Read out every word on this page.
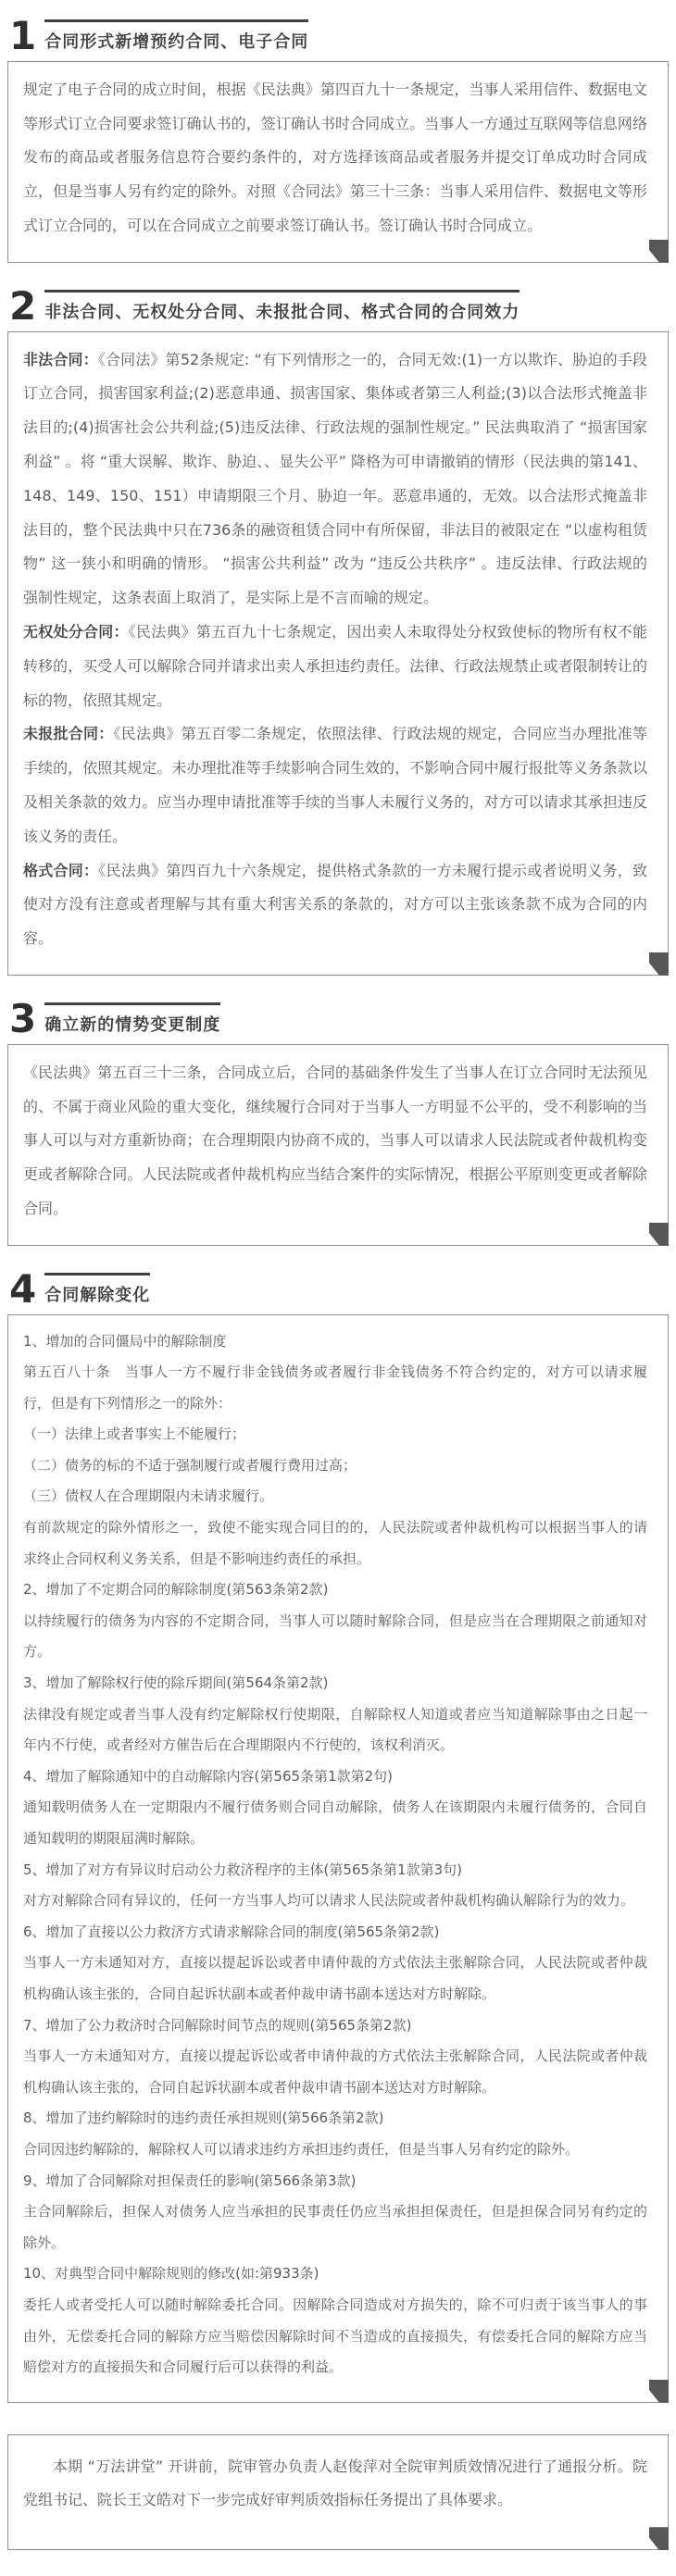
1 合同形式新增预约合同、电子合同

规定了电子合同的成立时间，根据《民法典》第四百九十一条规定，当事人采用信件、数据电文等形式订立合同要求签订确认书的，签订确认书时合同成立。当事人一方通过互联网等信息网络发布的商品或者服务信息符合要约条件的，对方选择该商品或者服务并提交订单成功时合同成立，但是当事人另有约定的除外。对照《合同法》第三十三条：当事人采用信件、数据电文等形式订立合同的，可以在合同成立之前要求签订确认书。签订确认书时合同成立。

2 非法合同、无权处分合同、未报批合同、格式合同的合同效力

非法合同：《合同法》第52条规定: “有下列情形之一的，合同无效:(1)一方以欺诈、胁迫的手段订立合同，损害国家利益;(2)恶意串通、损害国家、集体或者第三人利益;(3)以合法形式掩盖非法目的;(4)损害社会公共利益;(5)违反法律、行政法规的强制性规定。” 民法典取消了 “损害国家利益” 。将 “重大误解、欺诈、胁迫、、显失公平” 降格为可申请撤销的情形（民法典的第141、148、149、150、151）申请期限三个月、胁迫一年。恶意串通的，无效。以合法形式掩盖非法目的，整个民法典中只在736条的融资租赁合同中有所保留，非法目的被限定在 “以虚构租赁物” 这一狭小和明确的情形。 “损害公共利益” 改为 “违反公共秩序” 。违反法律、行政法规的强制性规定，这条表面上取消了，是实际上是不言而喻的规定。

无权处分合同：《民法典》第五百九十七条规定，因出卖人未取得处分权致使标的物所有权不能转移的，买受人可以解除合同并请求出卖人承担违约责任。法律、行政法规禁止或者限制转让的标的物，依照其规定。

未报批合同：《民法典》第五百零二条规定，依照法律、行政法规的规定，合同应当办理批准等手续的，依照其规定。未办理批准等手续影响合同生效的，不影响合同中履行报批等义务条款以及相关条款的效力。应当办理申请批准等手续的当事人未履行义务的，对方可以请求其承担违反该义务的责任。

格式合同：《民法典》第四百九十六条规定，提供格式条款的一方未履行提示或者说明义务，致使对方没有注意或者理解与其有重大利害关系的条款的，对方可以主张该条款不成为合同的内容。

3 确立新的情势变更制度

《民法典》第五百三十三条，合同成立后，合同的基础条件发生了当事人在订立合同时无法预见的、不属于商业风险的重大变化，继续履行合同对于当事人一方明显不公平的，受不利影响的当事人可以与对方重新协商；在合理期限内协商不成的，当事人可以请求人民法院或者仲裁机构变更或者解除合同。人民法院或者仲裁机构应当结合案件的实际情况，根据公平原则变更或者解除合同。

4 合同解除变化

1、增加的合同僵局中的解除制度

第五百八十条　当事人一方不履行非金钱债务或者履行非金钱债务不符合约定的，对方可以请求履行，但是有下列情形之一的除外：

（一）法律上或者事实上不能履行；

（二）债务的标的不适于强制履行或者履行费用过高；

（三）债权人在合理期限内未请求履行。

有前款规定的除外情形之一，致使不能实现合同目的的，人民法院或者仲裁机构可以根据当事人的请求终止合同权利义务关系，但是不影响违约责任的承担。

2、增加了不定期合同的解除制度(第563条第2款)

以持续履行的债务为内容的不定期合同，当事人可以随时解除合同，但是应当在合理期限之前通知对方。

3、增加了解除权行使的除斥期间(第564条第2款)

法律没有规定或者当事人没有约定解除权行使期限，自解除权人知道或者应当知道解除事由之日起一年内不行使，或者经对方催告后在合理期限内不行使的，该权利消灭。

4、增加了解除通知中的自动解除内容(第565条第1款第2句)

通知载明债务人在一定期限内不履行债务则合同自动解除，债务人在该期限内未履行债务的，合同自通知载明的期限届满时解除。

5、增加了对方有异议时启动公力救济程序的主体(第565条第1款第3句)

对方对解除合同有异议的，任何一方当事人均可以请求人民法院或者仲裁机构确认解除行为的效力。

6、增加了直接以公力救济方式请求解除合同的制度(第565条第2款)

当事人一方未通知对方，直接以提起诉讼或者申请仲裁的方式依法主张解除合同，人民法院或者仲裁机构确认该主张的，合同自起诉状副本或者仲裁申请书副本送达对方时解除。

7、增加了公力救济时合同解除时间节点的规则(第565条第2款)

当事人一方未通知对方，直接以提起诉讼或者申请仲裁的方式依法主张解除合同，人民法院或者仲裁机构确认该主张的，合同自起诉状副本或者仲裁申请书副本送达对方时解除。

8、增加了违约解除时的违约责任承担规则(第566条第2款)

合同因违约解除的，解除权人可以请求违约方承担违约责任，但是当事人另有约定的除外。

9、增加了合同解除对担保责任的影响(第566条第3款)

主合同解除后，担保人对债务人应当承担的民事责任仍应当承担担保责任，但是担保合同另有约定的除外。

10、对典型合同中解除规则的修改(如:第933条)

委托人或者受托人可以随时解除委托合同。因解除合同造成对方损失的，除不可归责于该当事人的事由外，无偿委托合同的解除方应当赔偿因解除时间不当造成的直接损失，有偿委托合同的解除方应当赔偿对方的直接损失和合同履行后可以获得的利益。

本期 “万法讲堂” 开讲前，院审管办负责人赵俊萍对全院审判质效情况进行了通报分析。院党组书记、院长王文皓对下一步完成好审判质效指标任务提出了具体要求。
